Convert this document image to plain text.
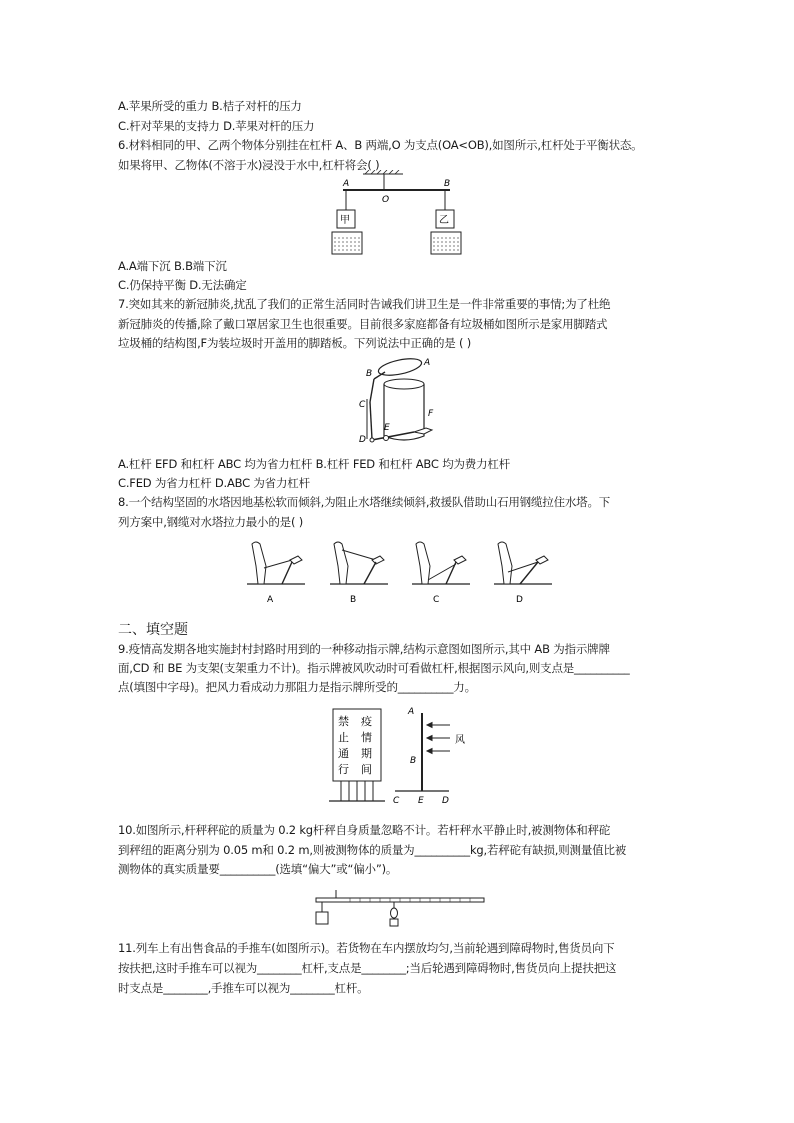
A.苹果所受的重力 B.桔子对杆的压力
C.杆对苹果的支持力 D.苹果对杆的压力
6.材料相同的甲、乙两个物体分别挂在杠杆 A、B 两端,O 为支点(OA<OB),如图所示,杠杆处于平衡状态。
如果将甲、乙物体(不溶于水)浸没于水中,杠杆将会( )
A
O
B
甲	乙
A.A端下沉 B.B端下沉
C.仍保持平衡 D.无法确定
7.突如其来的新冠肺炎,扰乱了我们的正常生活同时告诫我们讲卫生是一件非常重要的事情;为了杜绝
新冠肺炎的传播,除了戴口罩居家卫生也很重要。目前很多家庭都备有垃圾桶如图所示是家用脚踏式
垃圾桶的结构图,F为装垃圾时开盖用的脚踏板。下列说法中正确的是 ( )
A
B
C
D
E
F
A.杠杆 EFD 和杠杆 ABC 均为省力杠杆 B.杠杆 FED 和杠杆 ABC 均为费力杠杆
C.FED 为省力杠杆 D.ABC 为省力杠杆
8.一个结构坚固的水塔因地基松软而倾斜,为阻止水塔继续倾斜,救援队借助山石用钢缆拉住水塔。下
列方案中,钢缆对水塔拉力最小的是( )
A	B	C	D
二、填空题
9.疫情高发期各地实施封村封路时用到的一种移动指示牌,结构示意图如图所示,其中 AB 为指示牌牌
面,CD 和 BE 为支架(支架重力不计)。指示牌被风吹动时可看做杠杆,根据图示风向,则支点是__________
点(填图中字母)。把风力看成动力那阻力是指示牌所受的__________力。
禁
止
通
行
疫
情
期
间
A
B
C E D
风
10.如图所示,杆秤秤砣的质量为 0.2 kg杆秤自身质量忽略不计。若杆秤水平静止时,被测物体和秤砣
到秤纽的距离分别为 0.05 m和 0.2 m,则被测物体的质量为__________kg,若秤砣有缺损,则测量值比被
测物体的真实质量要__________(选填“偏大”或“偏小”)。
11.列车上有出售食品的手推车(如图所示)。若货物在车内摆放均匀,当前轮遇到障碍物时,售货员向下
按扶把,这时手推车可以视为________杠杆,支点是________;当后轮遇到障碍物时,售货员向上提扶把这
时支点是________,手推车可以视为________杠杆。
